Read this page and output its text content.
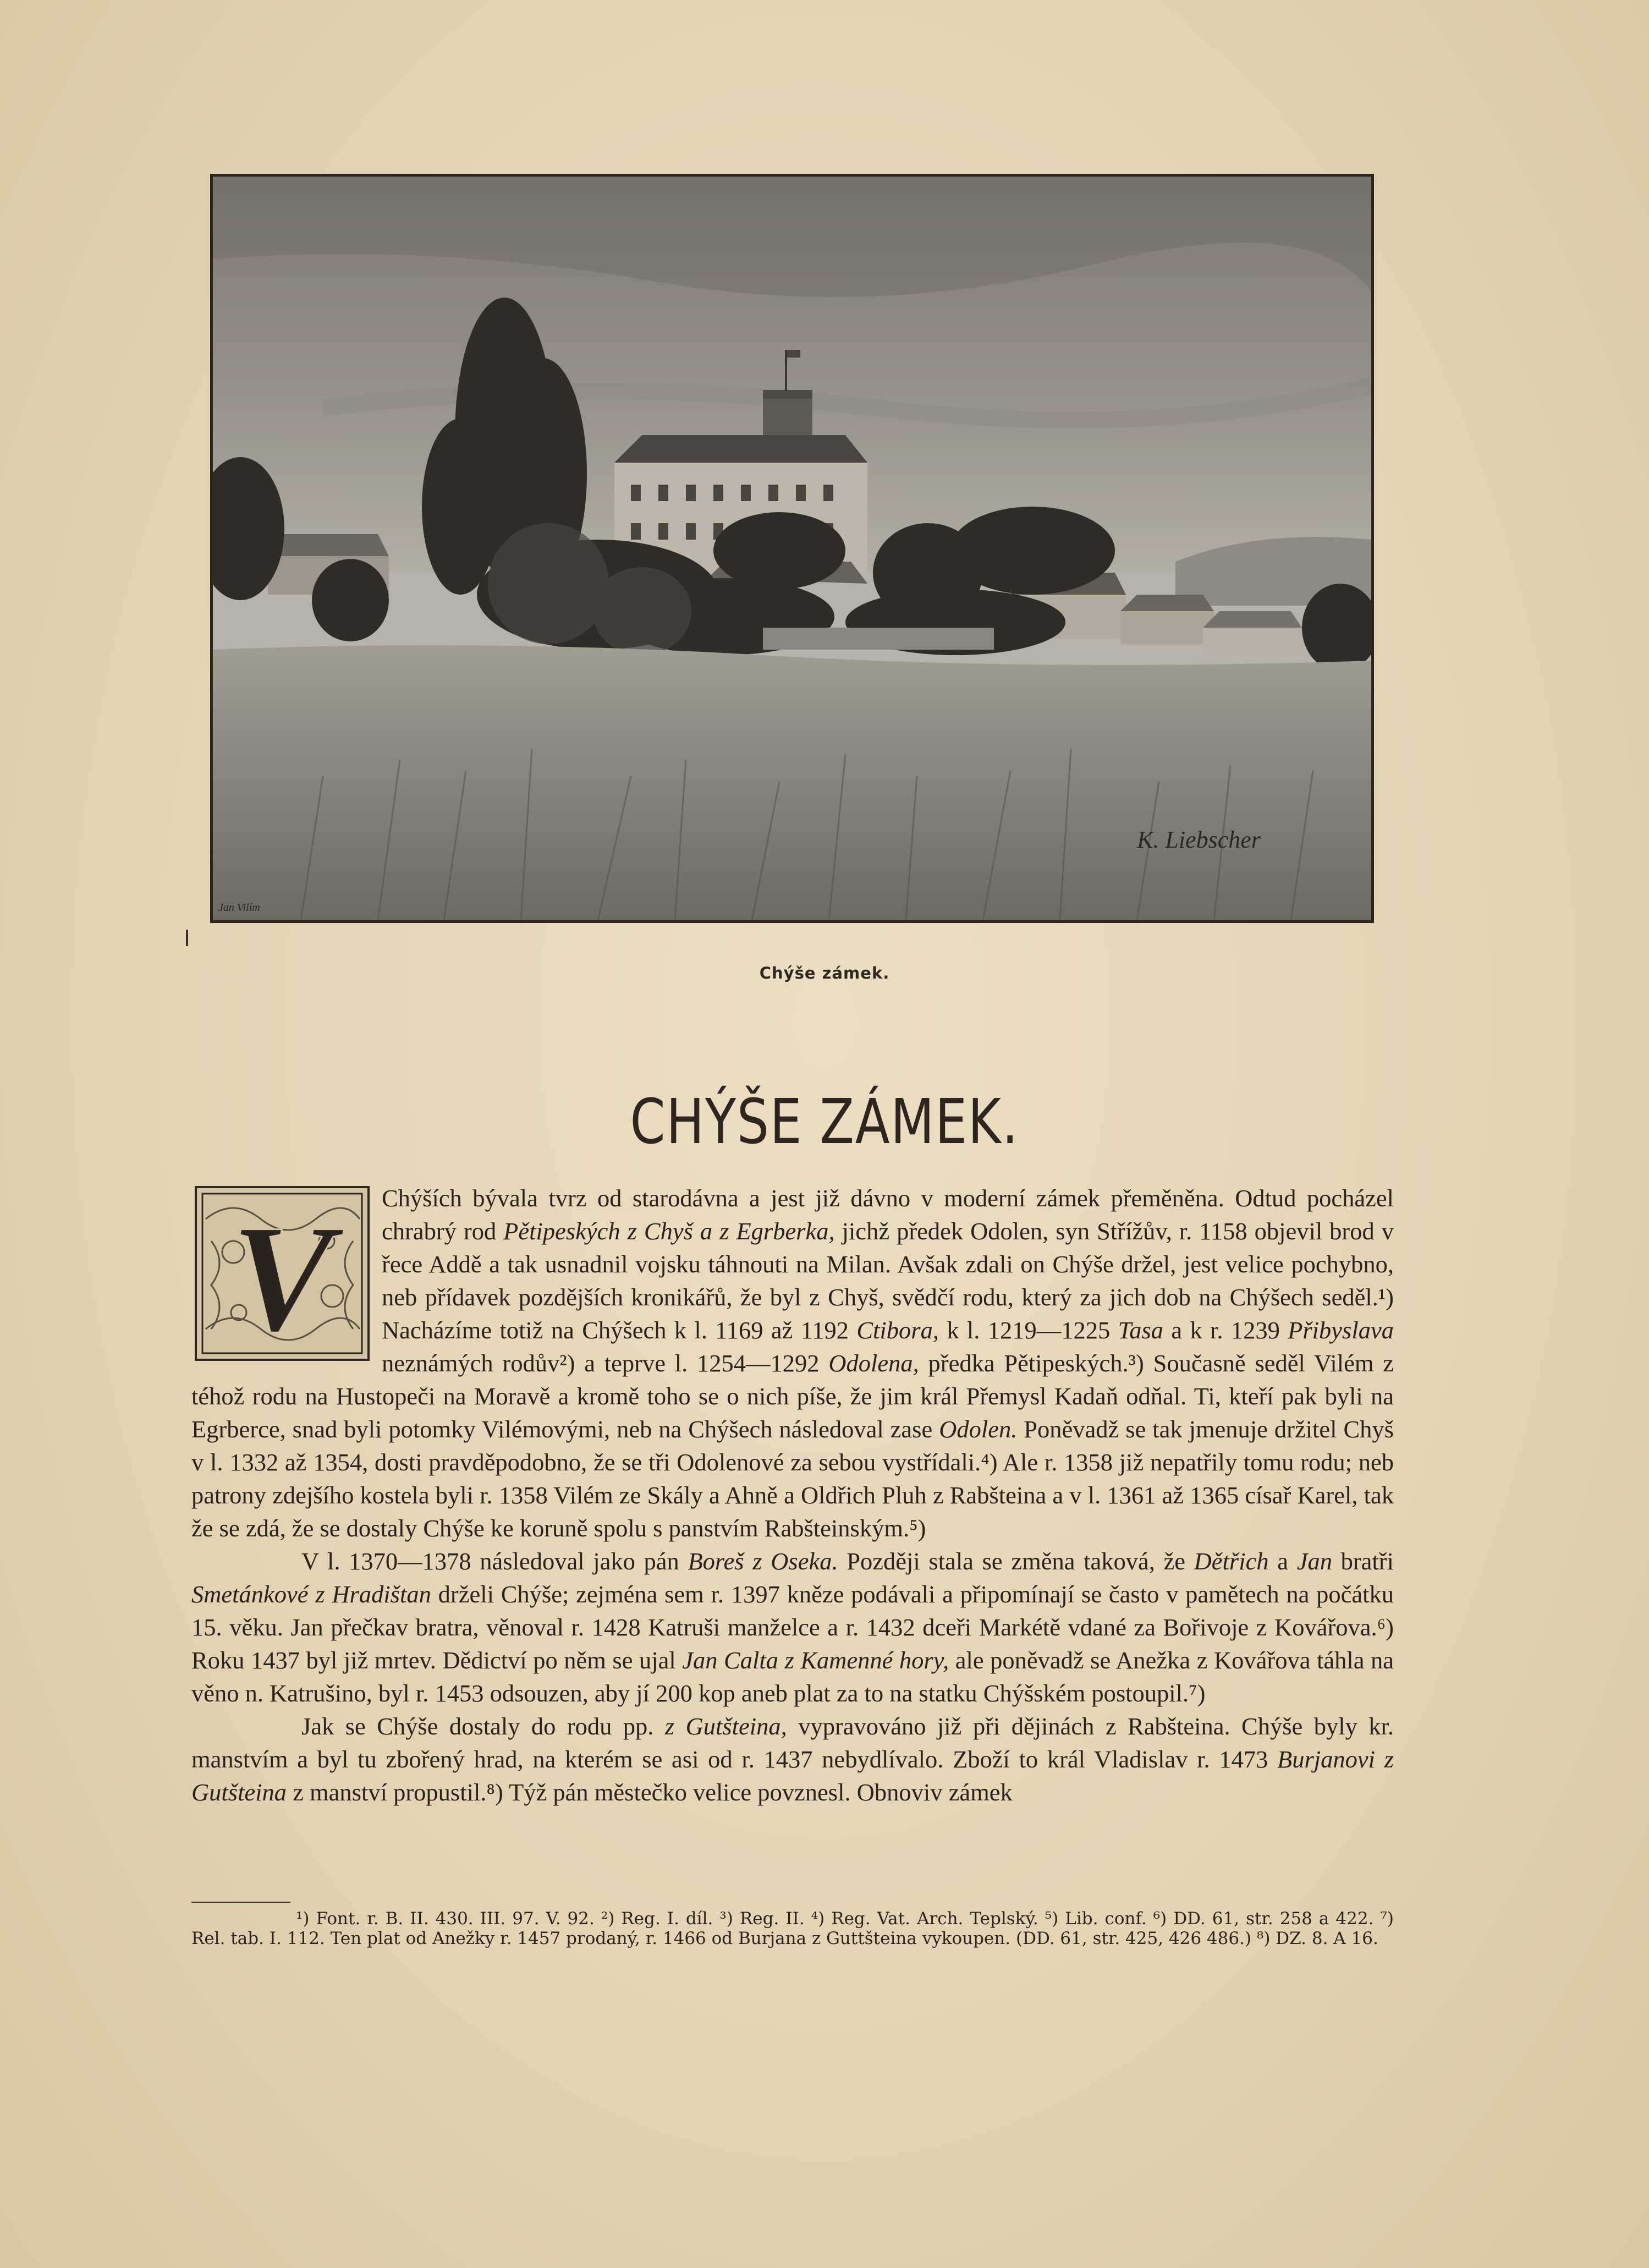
K. Liebscher
Jan Vilím
Chýše zámek.
CHÝŠE ZÁMEK.
V	Chýších bývala tvrz od starodávna a jest již dávno v moderní zámek přeměněna. Odtud pocházel chrabrý rod Pětipeských z Chyš a z Egrberka, jichž předek Odolen, syn Střížův, r. 1158 objevil brod v řece Addě a tak usnadnil vojsku táhnouti na Milan. Avšak zdali on Chýše držel, jest velice pochybno, neb přídavek pozdějších kronikářů, že byl z Chyš, svědčí rodu, který za jich dob na Chýšech seděl.¹) Nacházíme totiž na Chýšech k l. 1169 až 1192 Ctibora, k l. 1219—1225 Tasa a k r. 1239 Přibyslava neznámých rodův²) a teprve l. 1254—1292 Odolena, předka Pětipeských.³) Současně seděl Vilém z téhož rodu na Hustopeči na Moravě a kromě toho se o nich píše, že jim král Přemysl Kadaň odňal. Ti, kteří pak byli na Egrberce, snad byli potomky Vilémovými, neb na Chýšech následoval zase Odolen. Poněvadž se tak jmenuje držitel Chyš v l. 1332 až 1354, dosti pravděpodobno, že se tři Odolenové za sebou vystřídali.⁴) Ale r. 1358 již nepatřily tomu rodu; neb patrony zdejšího kostela byli r. 1358 Vilém ze Skály a Ahně a Oldřich Pluh z Rabšteina a v l. 1361 až 1365 císař Karel, tak že se zdá, že se dostaly Chýše ke koruně spolu s panstvím Rabšteinským.⁵)

V l. 1370—1378 následoval jako pán Boreš z Oseka. Později stala se změna taková, že Dětřich a Jan bratři Smetánkové z Hradištan drželi Chýše; zejména sem r. 1397 kněze podávali a připomínají se často v pamětech na počátku 15. věku. Jan přečkav bratra, věnoval r. 1428 Katruši manželce a r. 1432 dceři Markétě vdané za Bořivoje z Kovářova.⁶) Roku 1437 byl již mrtev. Dědictví po něm se ujal Jan Calta z Kamenné hory, ale poněvadž se Anežka z Kovářova táhla na věno n. Katrušino, byl r. 1453 odsouzen, aby jí 200 kop aneb plat za to na statku Chýšském postoupil.⁷)

Jak se Chýše dostaly do rodu pp. z Gutšteina, vypravováno již při dějinách z Rabšteina. Chýše byly kr. manstvím a byl tu zbořený hrad, na kterém se asi od r. 1437 nebydlívalo. Zboží to král Vladislav r. 1473 Burjanovi z Gutšteina z manství propustil.⁸) Týž pán městečko velice povznesl. Obnoviv zámek

¹) Font. r. B. II. 430. III. 97. V. 92. ²) Reg. I. díl. ³) Reg. II. ⁴) Reg. Vat. Arch. Teplský. ⁵) Lib. conf. ⁶) DD. 61, str. 258 a 422. ⁷) Rel. tab. I. 112. Ten plat od Anežky r. 1457 prodaný, r. 1466 od Burjana z Guttšteina vykoupen. (DD. 61, str. 425, 426 486.) ⁸) DZ. 8. A 16.
